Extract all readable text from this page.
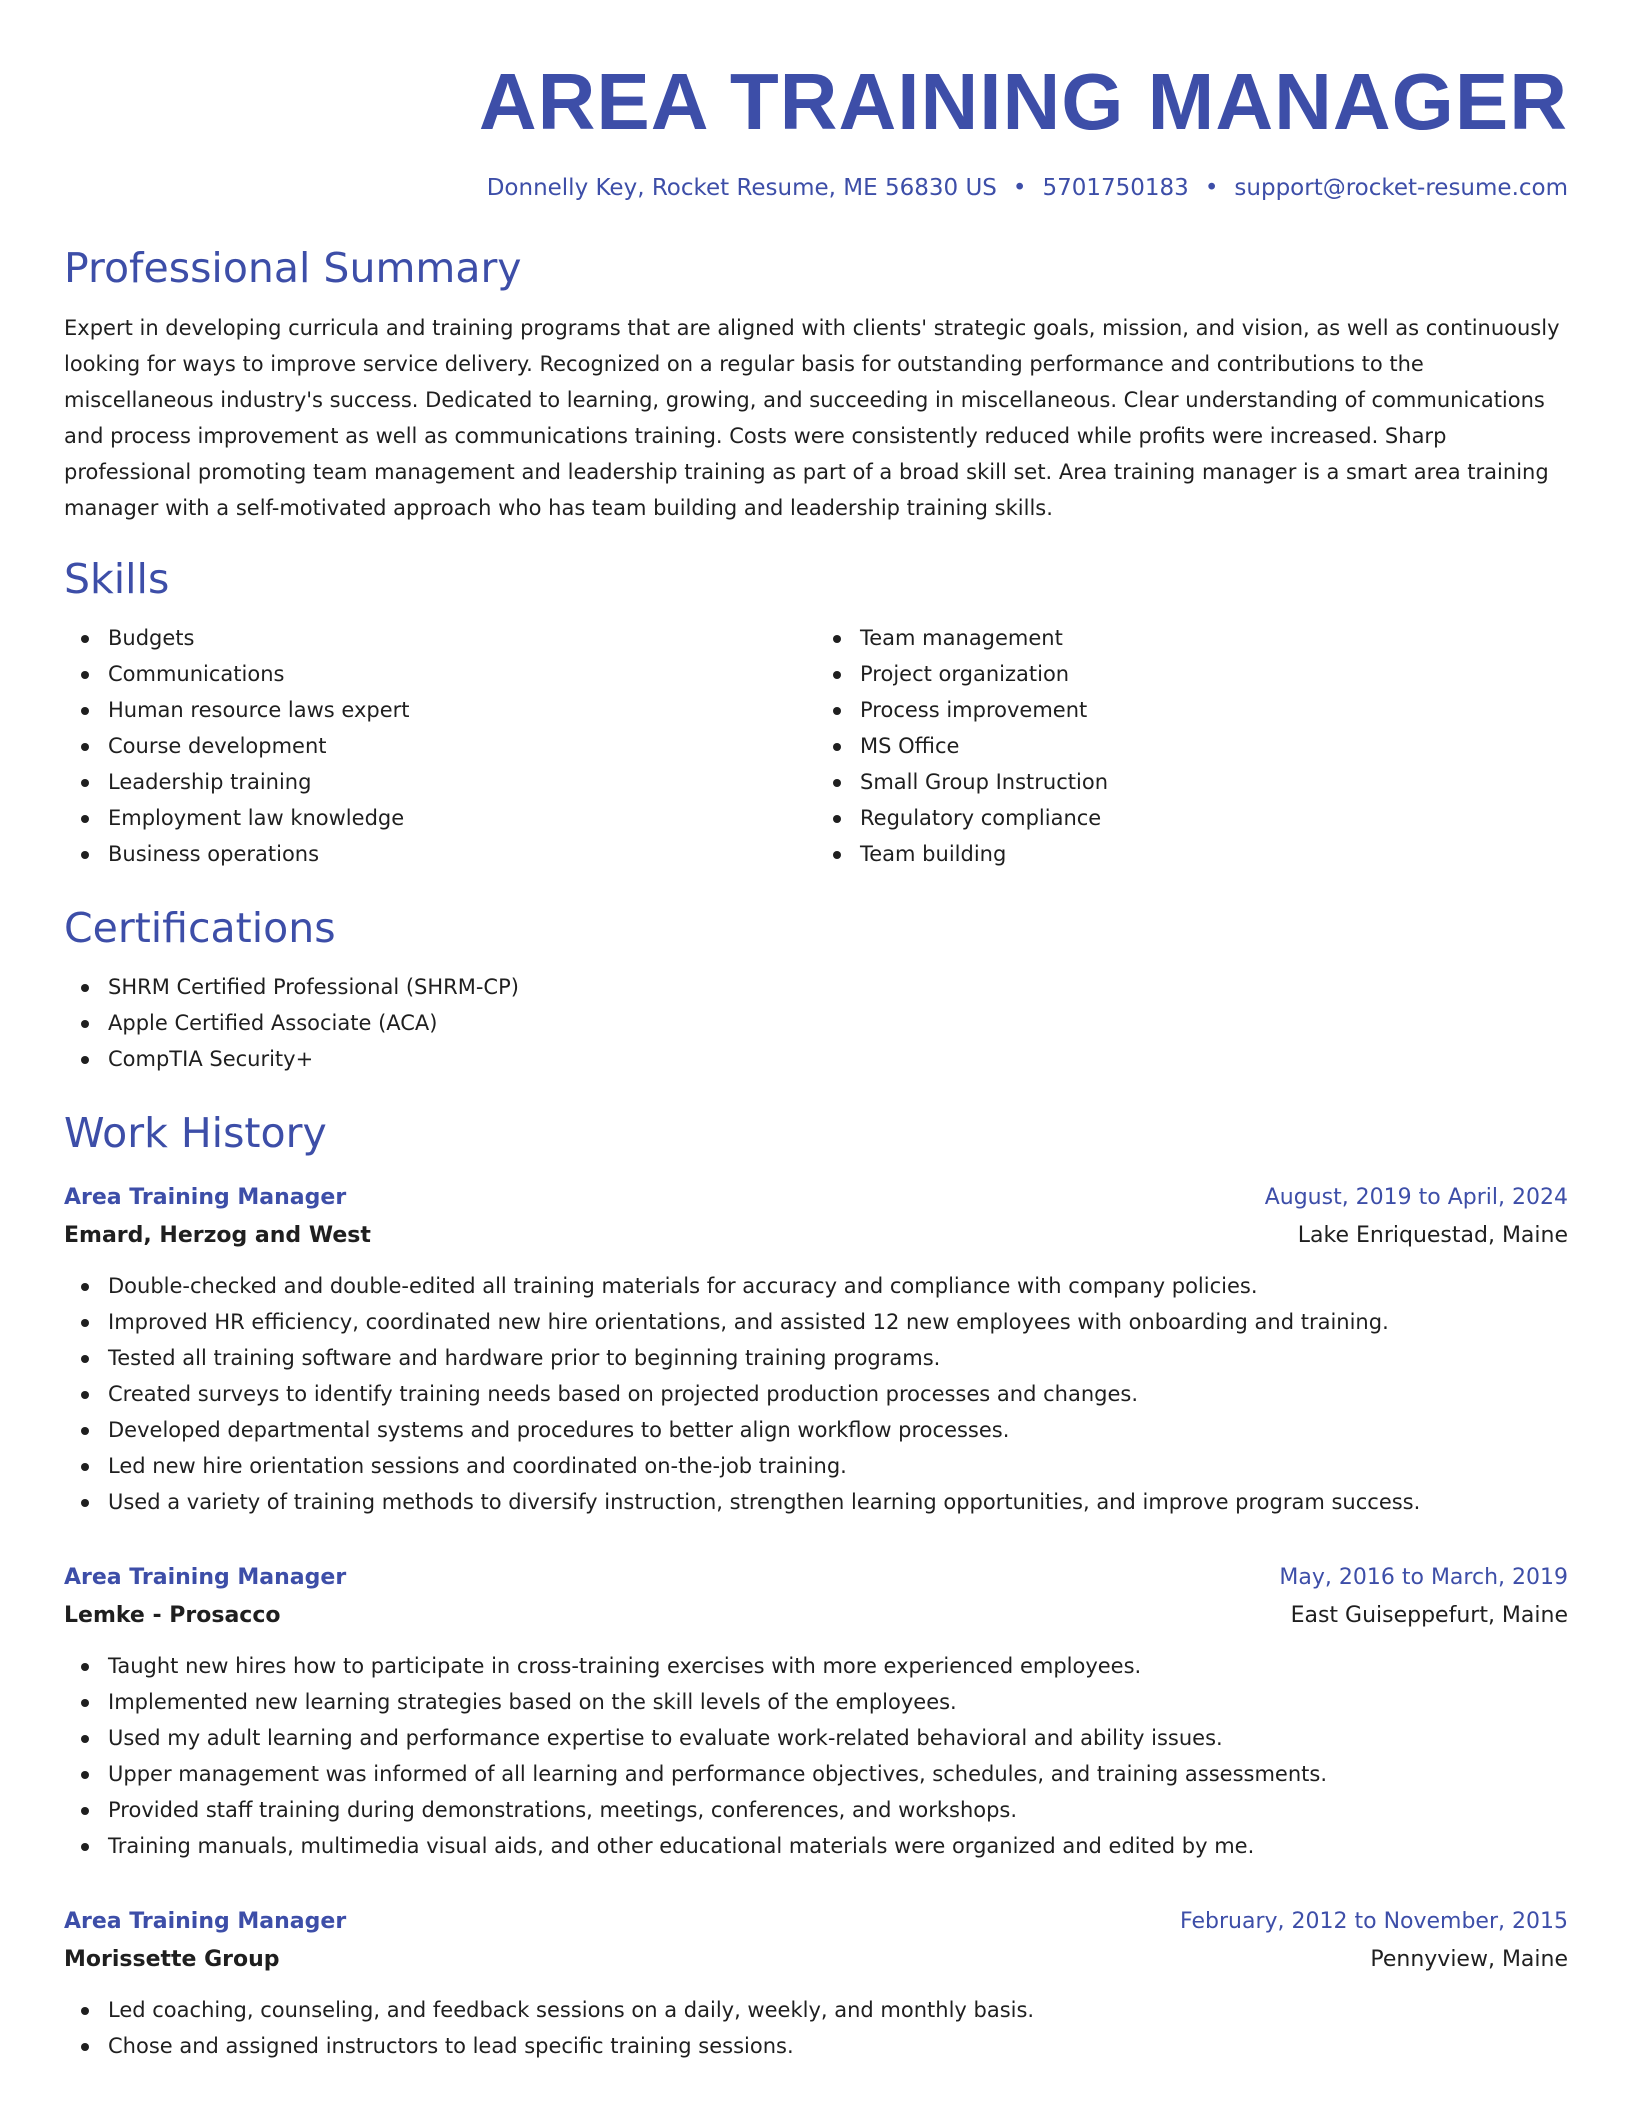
AREA TRAINING MANAGER
Donnelly Key, Rocket Resume, ME 56830 US • 5701750183 • support@rocket-resume.com
Professional Summary

Expert in developing curricula and training programs that are aligned with clients' strategic goals, mission, and vision, as well as continuously looking for ways to improve service delivery. Recognized on a regular basis for outstanding performance and contributions to the miscellaneous industry's success. Dedicated to learning, growing, and succeeding in miscellaneous. Clear understanding of communications and process improvement as well as communications training. Costs were consistently reduced while profits were increased. Sharp professional promoting team management and leadership training as part of a broad skill set. Area training manager is a smart area training manager with a self-motivated approach who has team building and leadership training skills.

Skills
Budgets
Communications
Human resource laws expert
Course development
Leadership training
Employment law knowledge
Business operations
Team management
Project organization
Process improvement
MS Office
Small Group Instruction
Regulatory compliance
Team building
Certifications
SHRM Certified Professional (SHRM-CP)
Apple Certified Associate (ACA)
CompTIA Security+
Work History
Area Training Manager	August, 2019 to April, 2024
Emard, Herzog and West	Lake Enriquestad, Maine
Double-checked and double-edited all training materials for accuracy and compliance with company policies.
Improved HR efficiency, coordinated new hire orientations, and assisted 12 new employees with onboarding and training.
Tested all training software and hardware prior to beginning training programs.
Created surveys to identify training needs based on projected production processes and changes.
Developed departmental systems and procedures to better align workflow processes.
Led new hire orientation sessions and coordinated on-the-job training.
Used a variety of training methods to diversify instruction, strengthen learning opportunities, and improve program success.
Area Training Manager	May, 2016 to March, 2019
Lemke - Prosacco	East Guiseppefurt, Maine
Taught new hires how to participate in cross-training exercises with more experienced employees.
Implemented new learning strategies based on the skill levels of the employees.
Used my adult learning and performance expertise to evaluate work-related behavioral and ability issues.
Upper management was informed of all learning and performance objectives, schedules, and training assessments.
Provided staff training during demonstrations, meetings, conferences, and workshops.
Training manuals, multimedia visual aids, and other educational materials were organized and edited by me.
Area Training Manager	February, 2012 to November, 2015
Morissette Group	Pennyview, Maine
Led coaching, counseling, and feedback sessions on a daily, weekly, and monthly basis.
Chose and assigned instructors to lead specific training sessions.
